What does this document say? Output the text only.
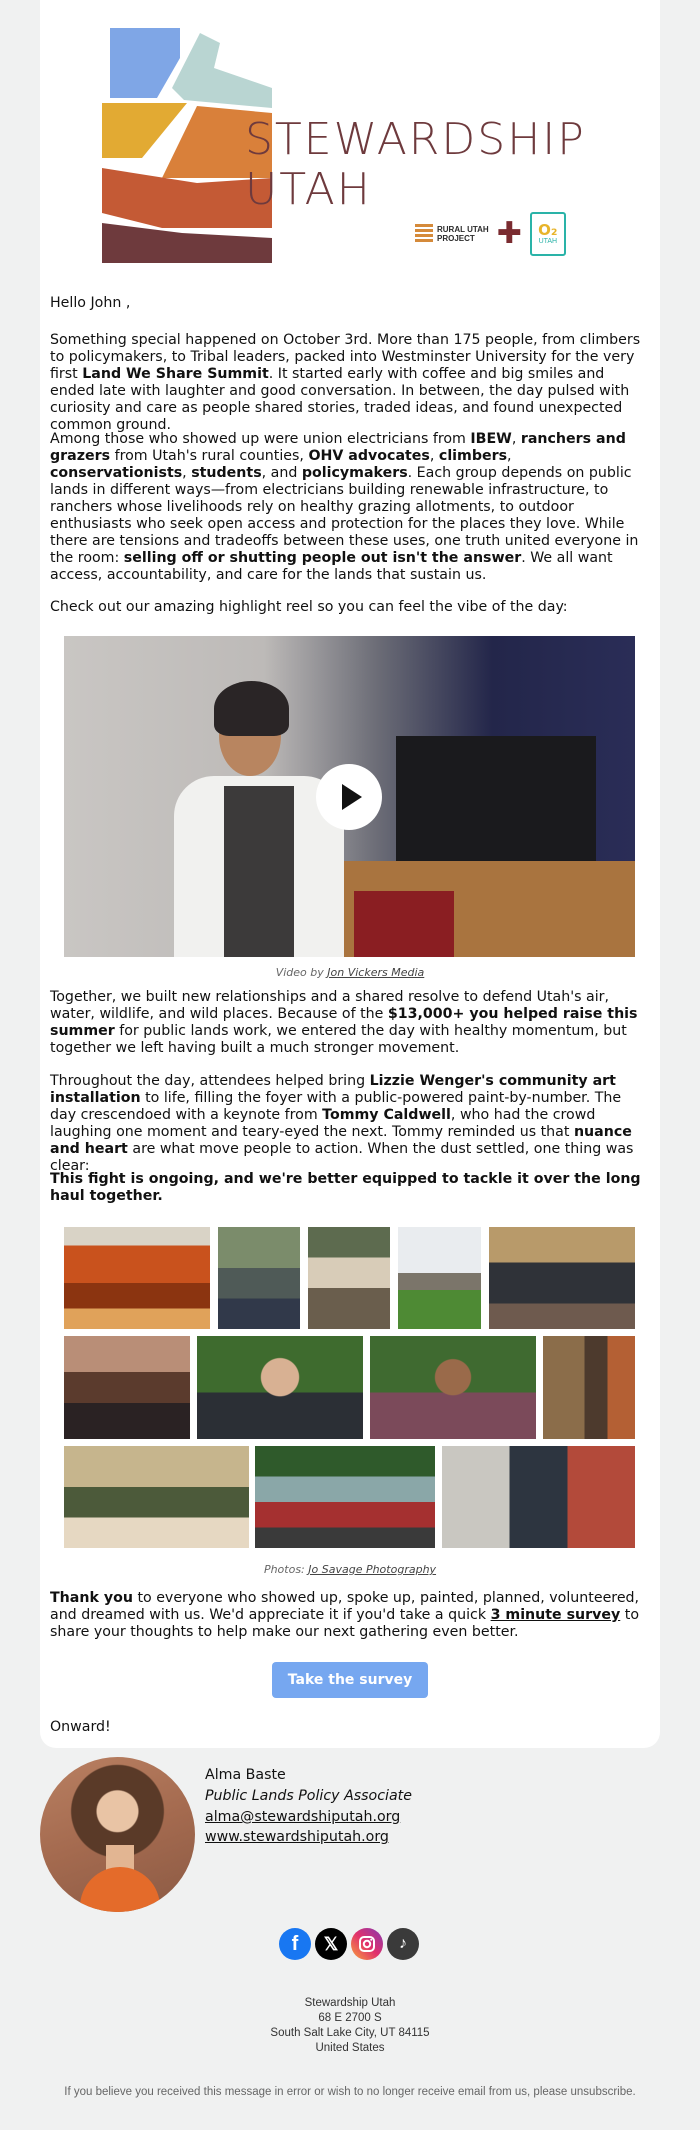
STEWARDSHIP
UTAH
RURAL UTAH
PROJECT ✚ O₂
UTAH
Hello John ,
Something special happened on October 3rd. More than 175 people, from climbers to policymakers, to Tribal leaders, packed into Westminster University for the very first Land We Share Summit. It started early with coffee and big smiles and ended late with laughter and good conversation. In between, the day pulsed with curiosity and care as people shared stories, traded ideas, and found unexpected common ground.
Among those who showed up were union electricians from IBEW, ranchers and grazers from Utah's rural counties, OHV advocates, climbers, conservationists, students, and policymakers. Each group depends on public lands in different ways—from electricians building renewable infrastructure, to ranchers whose livelihoods rely on healthy grazing allotments, to outdoor enthusiasts who seek open access and protection for the places they love. While there are tensions and tradeoffs between these uses, one truth united everyone in the room: selling off or shutting people out isn't the answer. We all want access, accountability, and care for the lands that sustain us.
Check out our amazing highlight reel so you can feel the vibe of the day:
Video by Jon Vickers Media
Together, we built new relationships and a shared resolve to defend Utah's air, water, wildlife, and wild places. Because of the $13,000+ you helped raise this summer for public lands work, we entered the day with healthy momentum, but together we left having built a much stronger movement.
Throughout the day, attendees helped bring Lizzie Wenger's community art installation to life, filling the foyer with a public-powered paint-by-number. The day crescendoed with a keynote from Tommy Caldwell, who had the crowd laughing one moment and teary-eyed the next. Tommy reminded us that nuance and heart are what move people to action. When the dust settled, one thing was clear:
This fight is ongoing, and we're better equipped to tackle it over the long haul together.
Photos: Jo Savage Photography
Thank you to everyone who showed up, spoke up, painted, planned, volunteered, and dreamed with us. We'd appreciate it if you'd take a quick 3 minute survey to share your thoughts to help make our next gathering even better.
Take the survey
Onward!
Alma Baste
Public Lands Policy Associate
alma@stewardshiputah.org
www.stewardshiputah.org
f	𝕏	♪
Stewardship Utah
68 E 2700 S
South Salt Lake City, UT 84115
United States
If you believe you received this message in error or wish to no longer receive email from us, please unsubscribe.
